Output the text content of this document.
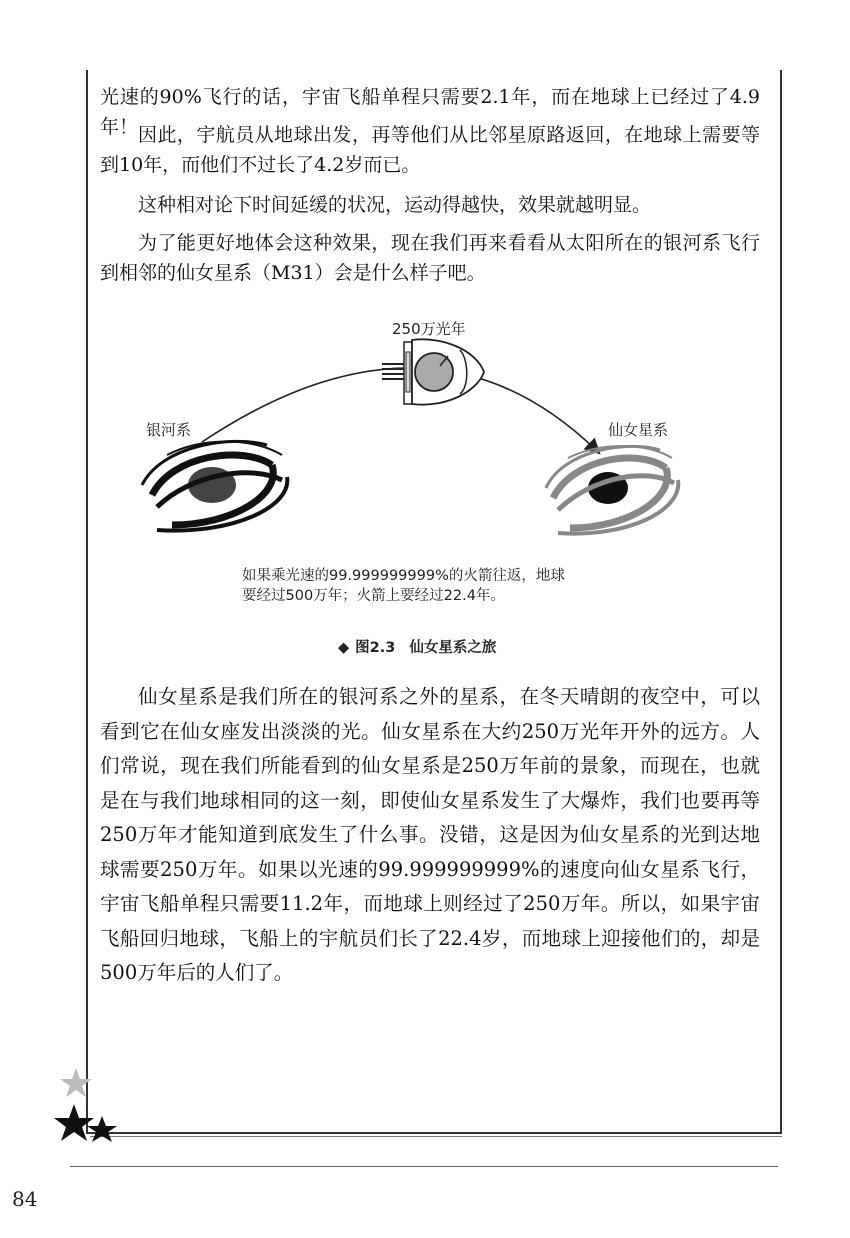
光速的90%飞行的话，宇宙飞船单程只需要2.1年，而在地球上已经过了4.9年！ 因此，宇航员从地球出发，再等他们从比邻星原路返回，在地球上需要等到10年，而他们不过长了4.2岁而已。

这种相对论下时间延缓的状况，运动得越快，效果就越明显。

为了能更好地体会这种效果，现在我们再来看看从太阳所在的银河系飞行到相邻的仙女星系（M31）会是什么样子吧。

250万光年
银河系	仙女星系
如果乘光速的99.999999999%的火箭往返，地球要经过500万年；火箭上要经过22.4年。
◆ 图2.3 仙女星系之旅

仙女星系是我们所在的银河系之外的星系，在冬天晴朗的夜空中，可以看到它在仙女座发出淡淡的光。仙女星系在大约250万光年开外的远方。人们常说，现在我们所能看到的仙女星系是250万年前的景象，而现在，也就是在与我们地球相同的这一刻，即使仙女星系发生了大爆炸，我们也要再等250万年才能知道到底发生了什么事。没错，这是因为仙女星系的光到达地球需要250万年。如果以光速的99.999999999%的速度向仙女星系飞行，宇宙飞船单程只需要11.2年，而地球上则经过了250万年。所以，如果宇宙飞船回归地球，飞船上的宇航员们长了22.4岁，而地球上迎接他们的，却是500万年后的人们了。

84
